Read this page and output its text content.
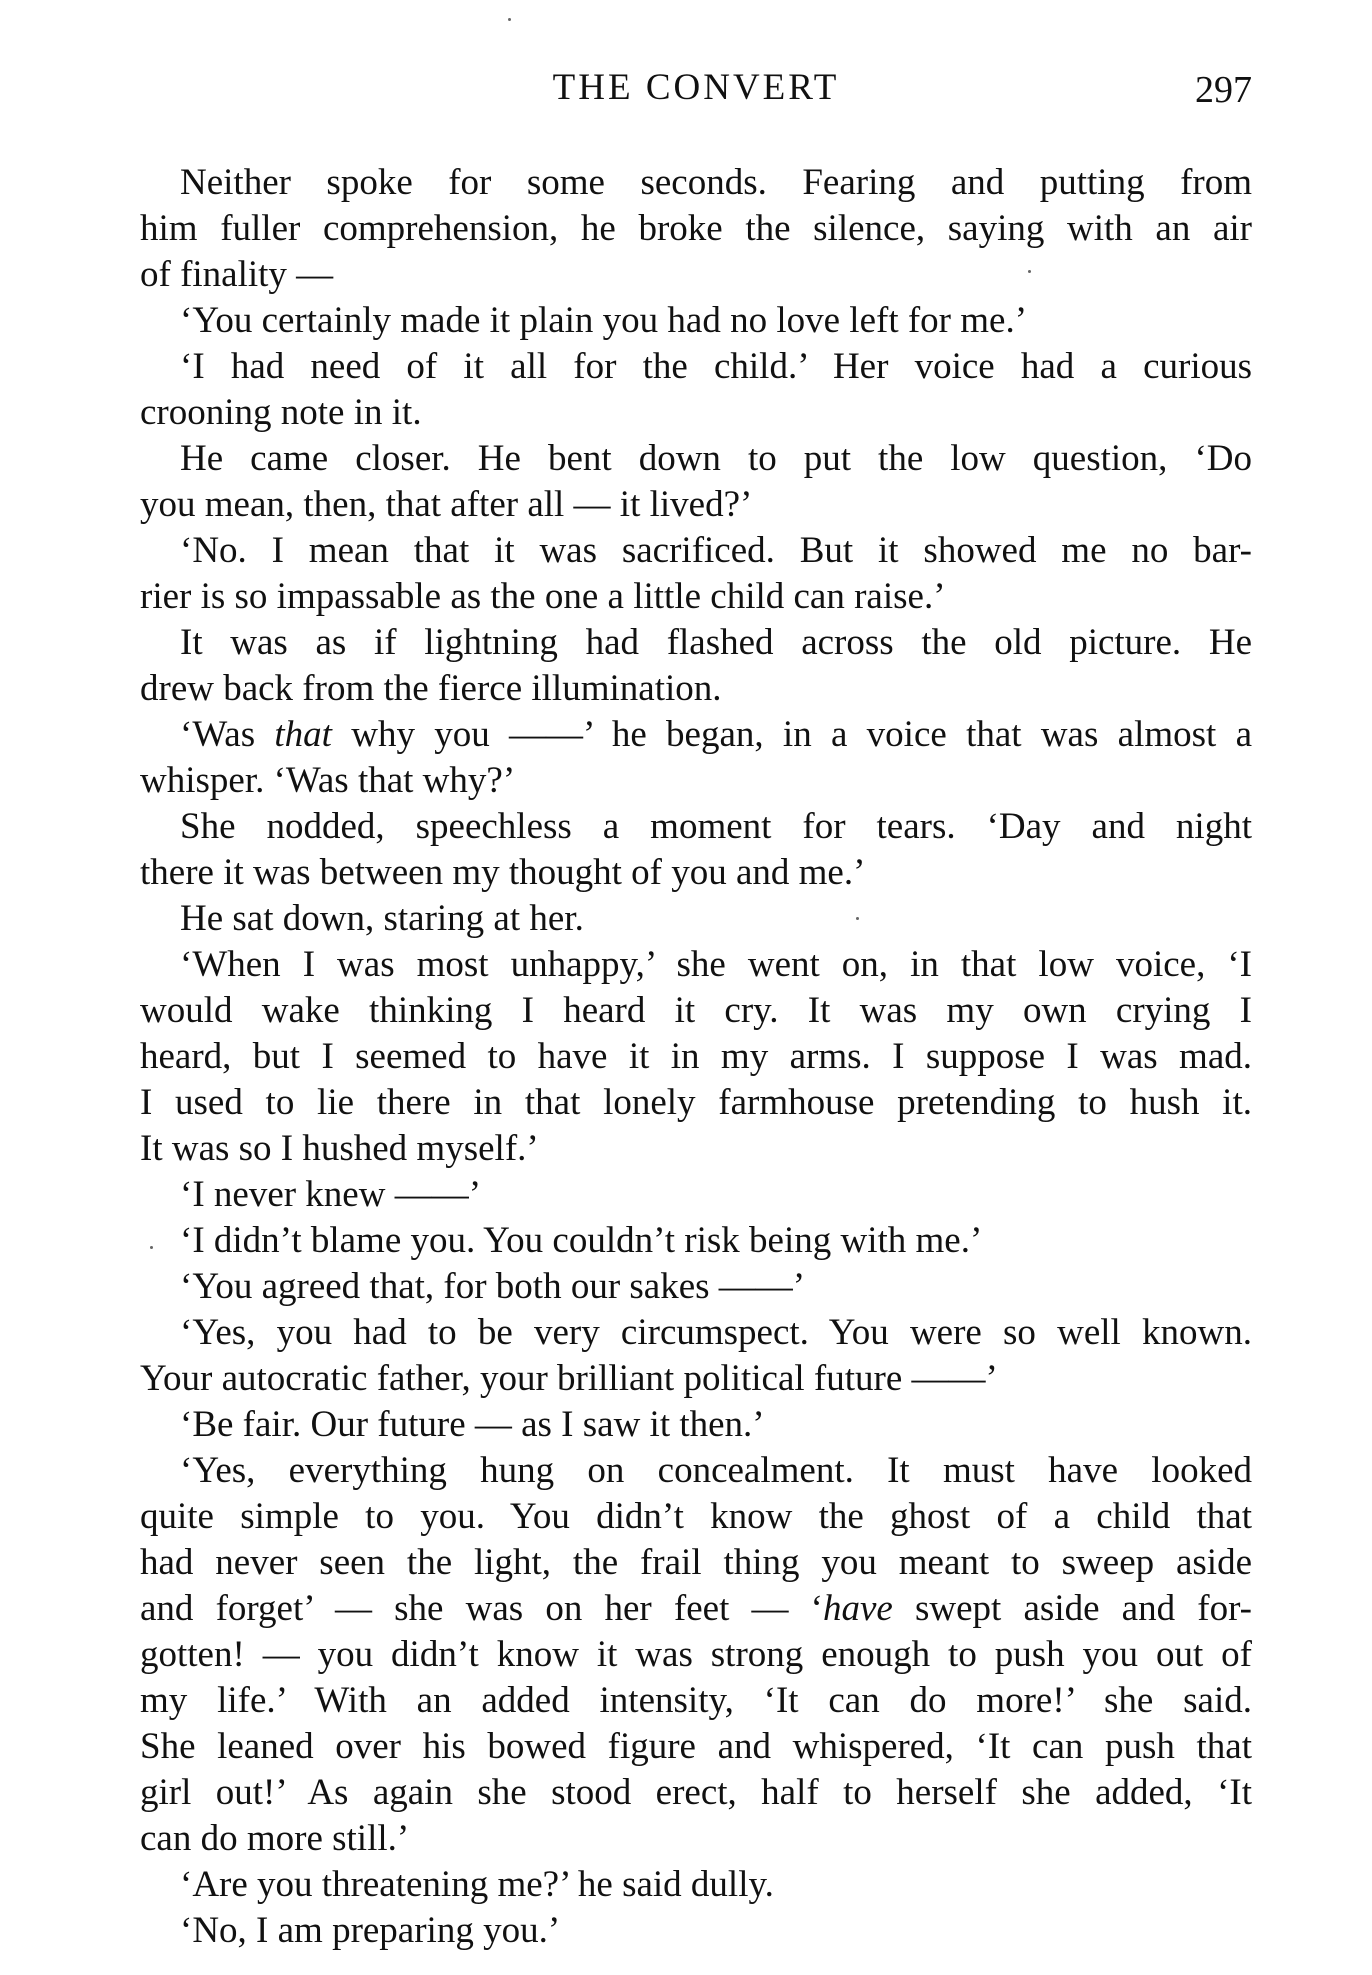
THE CONVERT	297
Neither spoke for some seconds. Fearing and putting from
him fuller comprehension, he broke the silence, saying with an air
of finality —
‘You certainly made it plain you had no love left for me.’
‘I had need of it all for the child.’ Her voice had a curious
crooning note in it.
He came closer. He bent down to put the low question, ‘Do
you mean, then, that after all — it lived?’
‘No. I mean that it was sacrificed. But it showed me no bar-
rier is so impassable as the one a little child can raise.’
It was as if lightning had flashed across the old picture. He
drew back from the fierce illumination.
‘Was that why you ——’ he began, in a voice that was almost a
whisper. ‘Was that why?’
She nodded, speechless a moment for tears. ‘Day and night
there it was between my thought of you and me.’
He sat down, staring at her.
‘When I was most unhappy,’ she went on, in that low voice, ‘I
would wake thinking I heard it cry. It was my own crying I
heard, but I seemed to have it in my arms. I suppose I was mad.
I used to lie there in that lonely farmhouse pretending to hush it.
It was so I hushed myself.’
‘I never knew ——’
‘I didn’t blame you. You couldn’t risk being with me.’
‘You agreed that, for both our sakes ——’
‘Yes, you had to be very circumspect. You were so well known.
Your autocratic father, your brilliant political future ——’
‘Be fair. Our future — as I saw it then.’
‘Yes, everything hung on concealment. It must have looked
quite simple to you. You didn’t know the ghost of a child that
had never seen the light, the frail thing you meant to sweep aside
and forget’ — she was on her feet — ‘have swept aside and for-
gotten! — you didn’t know it was strong enough to push you out of
my life.’ With an added intensity, ‘It can do more!’ she said.
She leaned over his bowed figure and whispered, ‘It can push that
girl out!’ As again she stood erect, half to herself she added, ‘It
can do more still.’
‘Are you threatening me?’ he said dully.
‘No, I am preparing you.’
